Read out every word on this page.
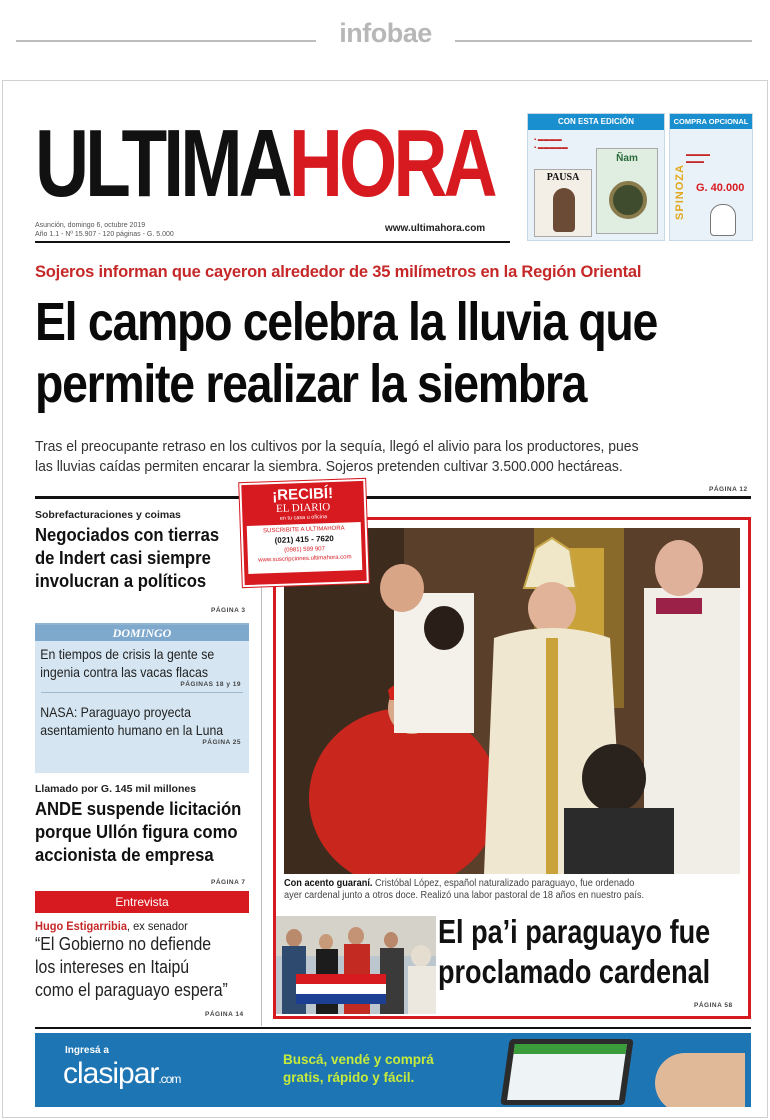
infobae
ULTIMAHORA
Asunción, domingo 6, octubre 2019
Año 1.1 - Nº 15.907 - 120 páginas - G. 5.000
www.ultimahora.com
CON ESTA EDICIÓN
▪ ▬▬▬▬
▪ ▬▬▬▬▬
PAUSA
Ñam
COMPRA OPCIONAL
▬▬▬▬
▬▬▬
G. 40.000
SPINOZA
Sojeros informan que cayeron alrededor de 35 milímetros en la Región Oriental
El campo celebra la lluvia que
permite realizar la siembra
Tras el preocupante retraso en los cultivos por la sequía, llegó el alivio para los productores, pues
las lluvias caídas permiten encarar la siembra. Sojeros pretenden cultivar 3.500.000 hectáreas.
PÁGINA 12
Sobrefacturaciones y coimas
Negociados con tierras
de Indert casi siempre
involucran a políticos
PÁGINA 3
DOMINGO
En tiempos de crisis la gente se
ingenia contra las vacas flacas
PÁGINAS 18 y 19
NASA: Paraguayo proyecta
asentamiento humano en la Luna
PÁGINA 25
Llamado por G. 145 mil millones
ANDE suspende licitación
porque Ullón figura como
accionista de empresa
PÁGINA 7
Entrevista
Hugo Estigarribia, ex senador
“El Gobierno no defiende
los intereses en Itaipú
como el paraguayo espera”
PÁGINA 14
Con acento guaraní. Cristóbal López, español naturalizado paraguayo, fue ordenado
ayer cardenal junto a otros doce. Realizó una labor pastoral de 18 años en nuestro país.
El pa’i paraguayo fue
proclamado cardenal
PÁGINA 58
¡RECIBÍ!
EL DIARIO
en tu casa u oficina
SUSCRIBITE A ULTIMAHORA
(021) 415 - 7620
(0981) 599 907
www.suscripciones.ultimahora.com
Ingresá a
clasipar.com
Buscá, vendé y comprá
gratis, rápido y fácil.
